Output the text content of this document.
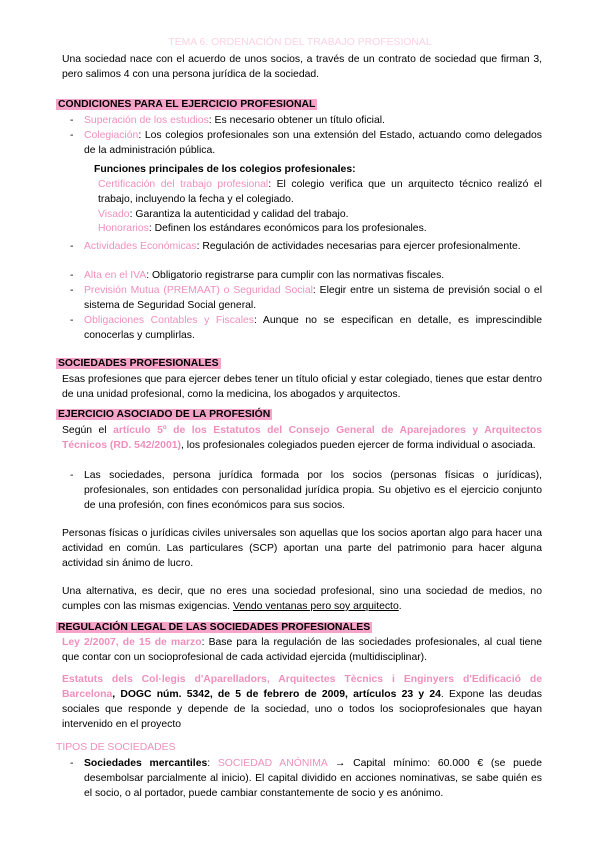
TEMA 6: ORDENACIÓN DEL TRABAJO PROFESIONAL
Una sociedad nace con el acuerdo de unos socios, a través de un contrato de sociedad que firman 3, pero salimos 4 con una persona jurídica de la sociedad.
CONDICIONES PARA EL EJERCICIO PROFESIONAL
- Superación de los estudios: Es necesario obtener un título oficial.
- Colegiación: Los colegios profesionales son una extensión del Estado, actuando como delegados de la administración pública.
Funciones principales de los colegios profesionales:
Certificación del trabajo profesional: El colegio verifica que un arquitecto técnico realizó el trabajo, incluyendo la fecha y el colegiado.
Visado: Garantiza la autenticidad y calidad del trabajo.
Honorarios: Definen los estándares económicos para los profesionales.
- Actividades Económicas: Regulación de actividades necesarias para ejercer profesionalmente.
- Alta en el IVA: Obligatorio registrarse para cumplir con las normativas fiscales.
- Previsión Mutua (PREMAAT) o Seguridad Social: Elegir entre un sistema de previsión social o el sistema de Seguridad Social general.
- Obligaciones Contables y Fiscales: Aunque no se especifican en detalle, es imprescindible conocerlas y cumplirlas.
SOCIEDADES PROFESIONALES
Esas profesiones que para ejercer debes tener un título oficial y estar colegiado, tienes que estar dentro de una unidad profesional, como la medicina, los abogados y arquitectos.
EJERCICIO ASOCIADO DE LA PROFESIÓN
Según el artículo 5º de los Estatutos del Consejo General de Aparejadores y Arquitectos Técnicos (RD. 542/2001), los profesionales colegiados pueden ejercer de forma individual o asociada.
- Las sociedades, persona jurídica formada por los socios (personas físicas o jurídicas), profesionales, son entidades con personalidad jurídica propia. Su objetivo es el ejercicio conjunto de una profesión, con fines económicos para sus socios.
Personas físicas o jurídicas civiles universales son aquellas que los socios aportan algo para hacer una actividad en común. Las particulares (SCP) aportan una parte del patrimonio para hacer alguna actividad sin ánimo de lucro.
Una alternativa, es decir, que no eres una sociedad profesional, sino una sociedad de medios, no cumples con las mismas exigencias. Vendo ventanas pero soy arquitecto.
REGULACIÓN LEGAL DE LAS SOCIEDADES PROFESIONALES
Ley 2/2007, de 15 de marzo: Base para la regulación de las sociedades profesionales, al cual tiene que contar con un socioprofesional de cada actividad ejercida (multidisciplinar).
Estatuts dels Col·legis d'Aparelladors, Arquitectes Tècnics i Enginyers d'Edificació de Barcelona, DOGC núm. 5342, de 5 de febrero de 2009, artículos 23 y 24. Expone las deudas sociales que responde y depende de la sociedad, uno o todos los socioprofesionales que hayan intervenido en el proyecto
TIPOS DE SOCIEDADES
- Sociedades mercantiles: SOCIEDAD ANÓNIMA → Capital mínimo: 60.000 € (se puede desembolsar parcialmente al inicio). El capital dividido en acciones nominativas, se sabe quién es el socio, o al portador, puede cambiar constantemente de socio y es anónimo.
